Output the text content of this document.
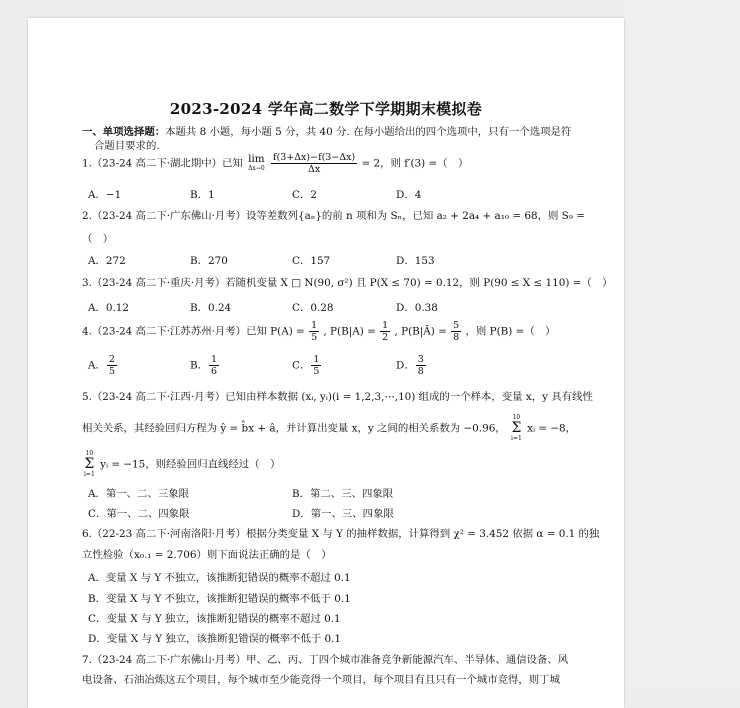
2023-2024 学年高二数学下学期期末模拟卷
一、单项选择题：本题共 8 小题，每小题 5 分，共 40 分. 在每小题给出的四个选项中，只有一个选项是符
合题目要求的.
1.（23-24 高二下·湖北期中）已知 lim
Δx→0
$\frac{f(3+\Delta x)-f(3-\Delta x)}{\Delta x} = 2$，则 f′(3) =（　）
A．−1	B．1	C．2	D．4
2.（23-24 高二下·广东佛山·月考）设等差数列{aₙ}的前 n 项和为 Sₙ，已知 a₂ + 2a₄ + a₁₀ = 68，则 S₉ =
（　）
A．272	B．270	C．157	D．153
3.（23-24 高二下·重庆·月考）若随机变量 X □ N(90, σ²) 且 P(X ≤ 70) = 0.12，则 P(90 ≤ X ≤ 110) =（　）
A．0.12	B．0.24	C．0.28	D．0.38
4.（23-24 高二下·江苏苏州·月考）已知 $P(A) = \frac{1}{5}$ , $P(B|A) = \frac{1}{2}$ , P(B|Ā) = $\frac{5}{8}$ ，则 P(B) =（　）
A． $\frac{2}{5}$	B． $\frac{1}{6}$	C． $\frac{1}{5}$	D． $\frac{3}{8}$
5.（23-24 高二下·江西·月考）已知由样本数据 (xᵢ, yᵢ)(i = 1,2,3,⋯,10) 组成的一个样本，变量 x，y 具有线性
相关关系，其经验回归方程为 ŷ = b̂x + â，并计算出变量 x，y 之间的相关系数为 −0.96，
10
Σ
i=1
xᵢ = −8，
10
Σ
i=1
yᵢ = −15，则经验回归直线经过（　）
A．第一、二、三象限	B．第二、三、四象限
C．第一、二、四象限	D．第一、三、四象限
6.（22-23 高二下·河南洛阳·月考）根据分类变量 X 与 Y 的抽样数据，计算得到 χ² = 3.452 依据 α = 0.1 的独
立性检验（x₀.₁ = 2.706）则下面说法正确的是（　）
A．变量 X 与 Y 不独立，该推断犯错误的概率不超过 0.1
B．变量 X 与 Y 不独立，该推断犯错误的概率不低于 0.1
C．变量 X 与 Y 独立，该推断犯错误的概率不超过 0.1
D．变量 X 与 Y 独立，该推断犯错误的概率不低于 0.1
7.（23-24 高二下·广东佛山·月考）甲、乙、丙、丁四个城市准备竞争新能源汽车、半导体、通信设备、风
电设备、石油冶炼这五个项目，每个城市至少能竞得一个项目，每个项目有且只有一个城市竞得，则丁城
